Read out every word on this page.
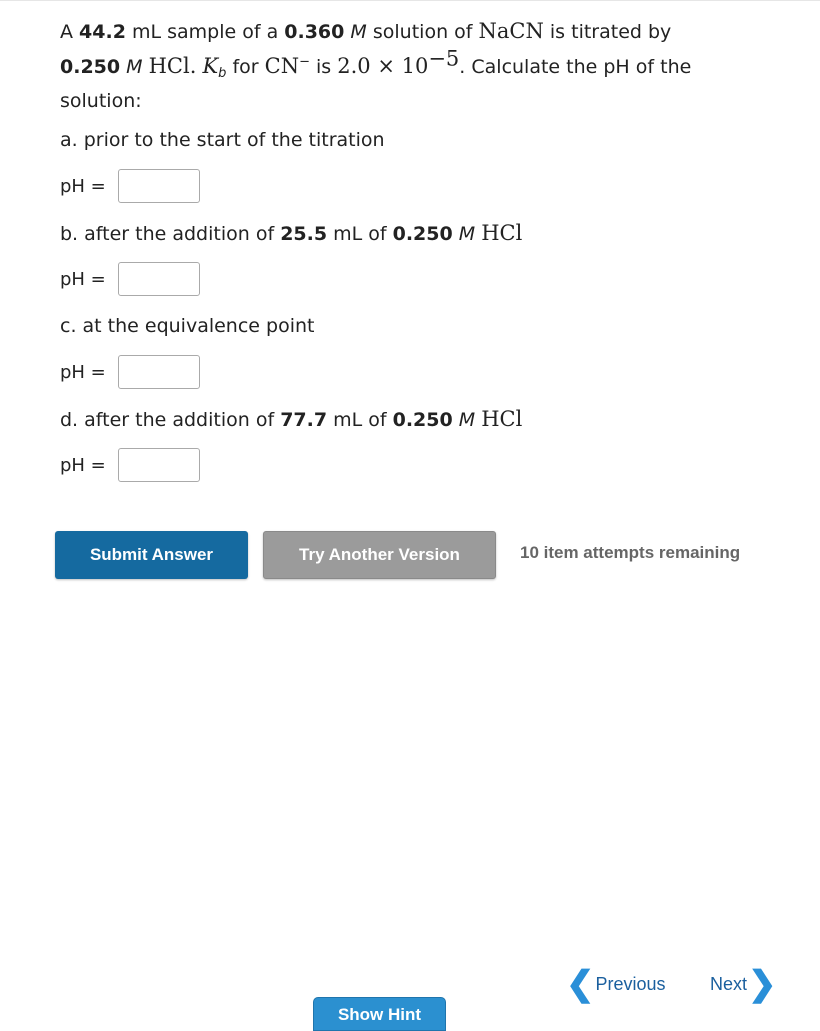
A 44.2 mL sample of a 0.360 M solution of NaCN is titrated by

0.250 M HCl. $K_b$ for CN− is $2.0 \times 10^{-5}$. Calculate the pH of the

solution:

a. prior to the start of the titration
pH =
b. after the addition of 25.5 mL of 0.250 M HCl
pH =
c. at the equivalence point
pH =
d. after the addition of 77.7 mL of 0.250 M HCl
pH =
Submit Answer	Try Another Version	10 item attempts remaining
❮ Previous Next ❯
Show Hint
